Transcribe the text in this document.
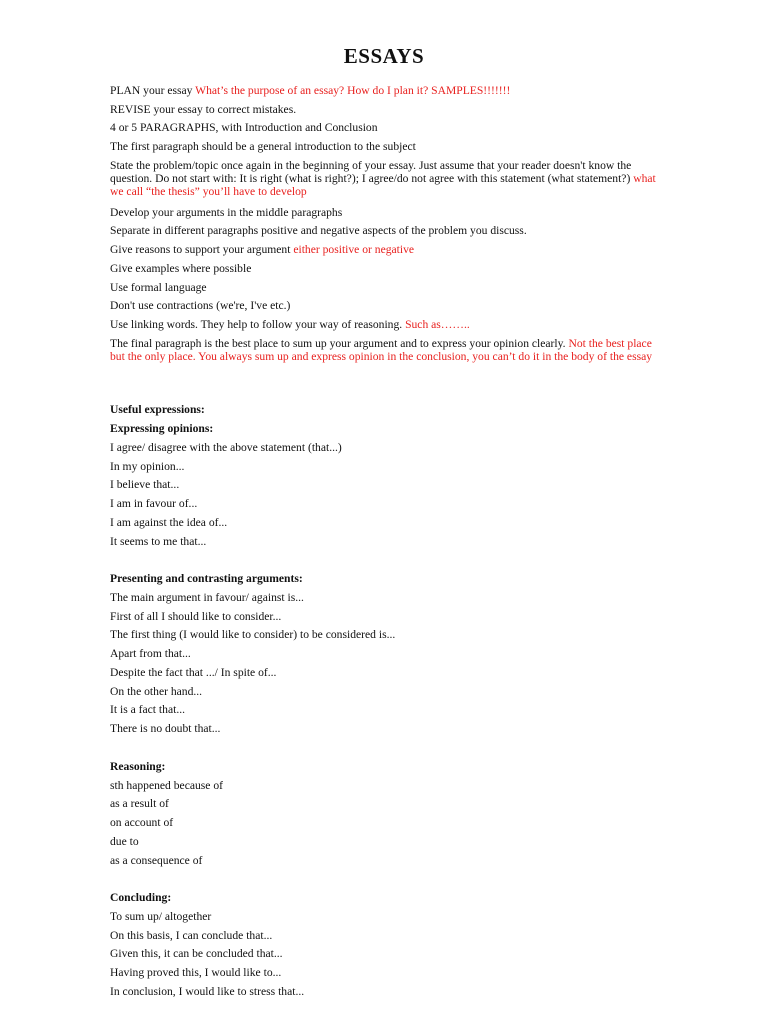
ESSAYS
PLAN your essay What’s the purpose of an essay? How do I plan it? SAMPLES!!!!!!!
REVISE your essay to correct mistakes.
4 or 5 PARAGRAPHS, with Introduction and Conclusion
The first paragraph should be a general introduction to the subject
State the problem/topic once again in the beginning of your essay. Just assume that your reader doesn't know the question. Do not start with: It is right (what is right?); I agree/do not agree with this statement (what statement?) what we call “the thesis” you’ll have to develop
Develop your arguments in the middle paragraphs
Separate in different paragraphs positive and negative aspects of the problem you discuss.
Give reasons to support your argument either positive or negative
Give examples where possible
Use formal language
Don't use contractions (we're, I've etc.)
Use linking words. They help to follow your way of reasoning. Such as……..
The final paragraph is the best place to sum up your argument and to express your opinion clearly. Not the best place but the only place. You always sum up and express opinion in the conclusion, you can’t do it in the body of the essay
Useful expressions:
Expressing opinions:
I agree/ disagree with the above statement (that...)
In my opinion...
I believe that...
I am in favour of...
I am against the idea of...
It seems to me that...
Presenting and contrasting arguments:
The main argument in favour/ against is...
First of all I should like to consider...
The first thing (I would like to consider) to be considered is...
Apart from that...
Despite the fact that .../ In spite of...
On the other hand...
It is a fact that...
There is no doubt that...
Reasoning:
sth happened because of
as a result of
on account of
due to
as a consequence of
Concluding:
To sum up/ altogether
On this basis, I can conclude that...
Given this, it can be concluded that...
Having proved this, I would like to...
In conclusion, I would like to stress that...
